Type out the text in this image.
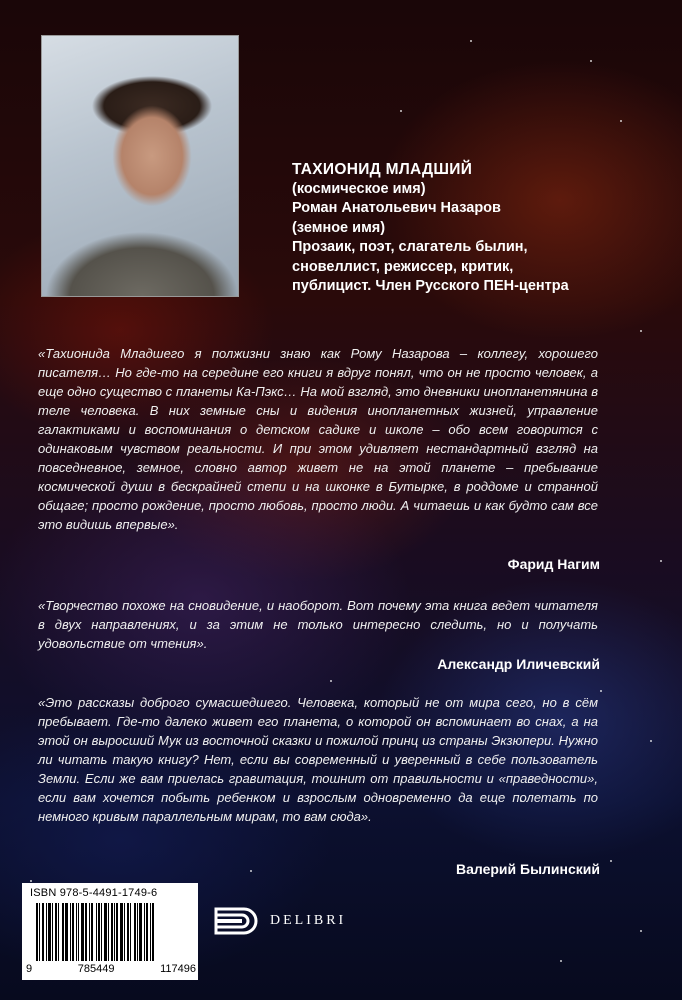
ТАХИОНИД МЛАДШИЙ
(космическое имя)
Роман Анатольевич Назаров
(земное имя)
Прозаик, поэт, слагатель былин,
сновеллист, режиссер, критик,
публицист. Член Русского ПЕН-центра
«Тахионида Младшего я полжизни знаю как Рому Назарова – коллегу, хорошего писателя… Но где-то на середине его книги я вдруг понял, что он не просто человек, а еще одно существо с планеты Ка-Пэкс… На мой взгляд, это дневники инопланетянина в теле человека. В них земные сны и видения инопланетных жизней, управление галактиками и воспоминания о детском садике и школе – обо всем говорится с одинаковым чувством реальности. И при этом удивляет нестандартный взгляд на повседневное, земное, словно автор живет не на этой планете – пребывание космической души в бескрайней степи и на шконке в Бутырке, в роддоме и странной общаге; просто рождение, просто любовь, просто люди. А читаешь и как будто сам все это видишь впервые».
Фарид Нагим
«Творчество похоже на сновидение, и наоборот. Вот почему эта книга ведет читателя в двух направлениях, и за этим не только интересно следить, но и получать удовольствие от чтения».
Александр Иличевский
«Это рассказы доброго сумасшедшего. Человека, который не от мира сего, но в сём пребывает. Где-то далеко живет его планета, о которой он вспоминает во снах, а на этой он выросший Мук из восточной сказки и пожилой принц из страны Экзюпери. Нужно ли читать такую книгу? Нет, если вы современный и уверенный в себе пользователь Земли. Если же вам приелась гравитация, тошнит от правильности и «праведности», если вам хочется побыть ребенком и взрослым одновременно да еще полетать по немного кривым параллельным мирам, то вам сюда».
Валерий Былинский
ISBN 978-5-4491-1749-6
9	785449	117496
DELIBRI
